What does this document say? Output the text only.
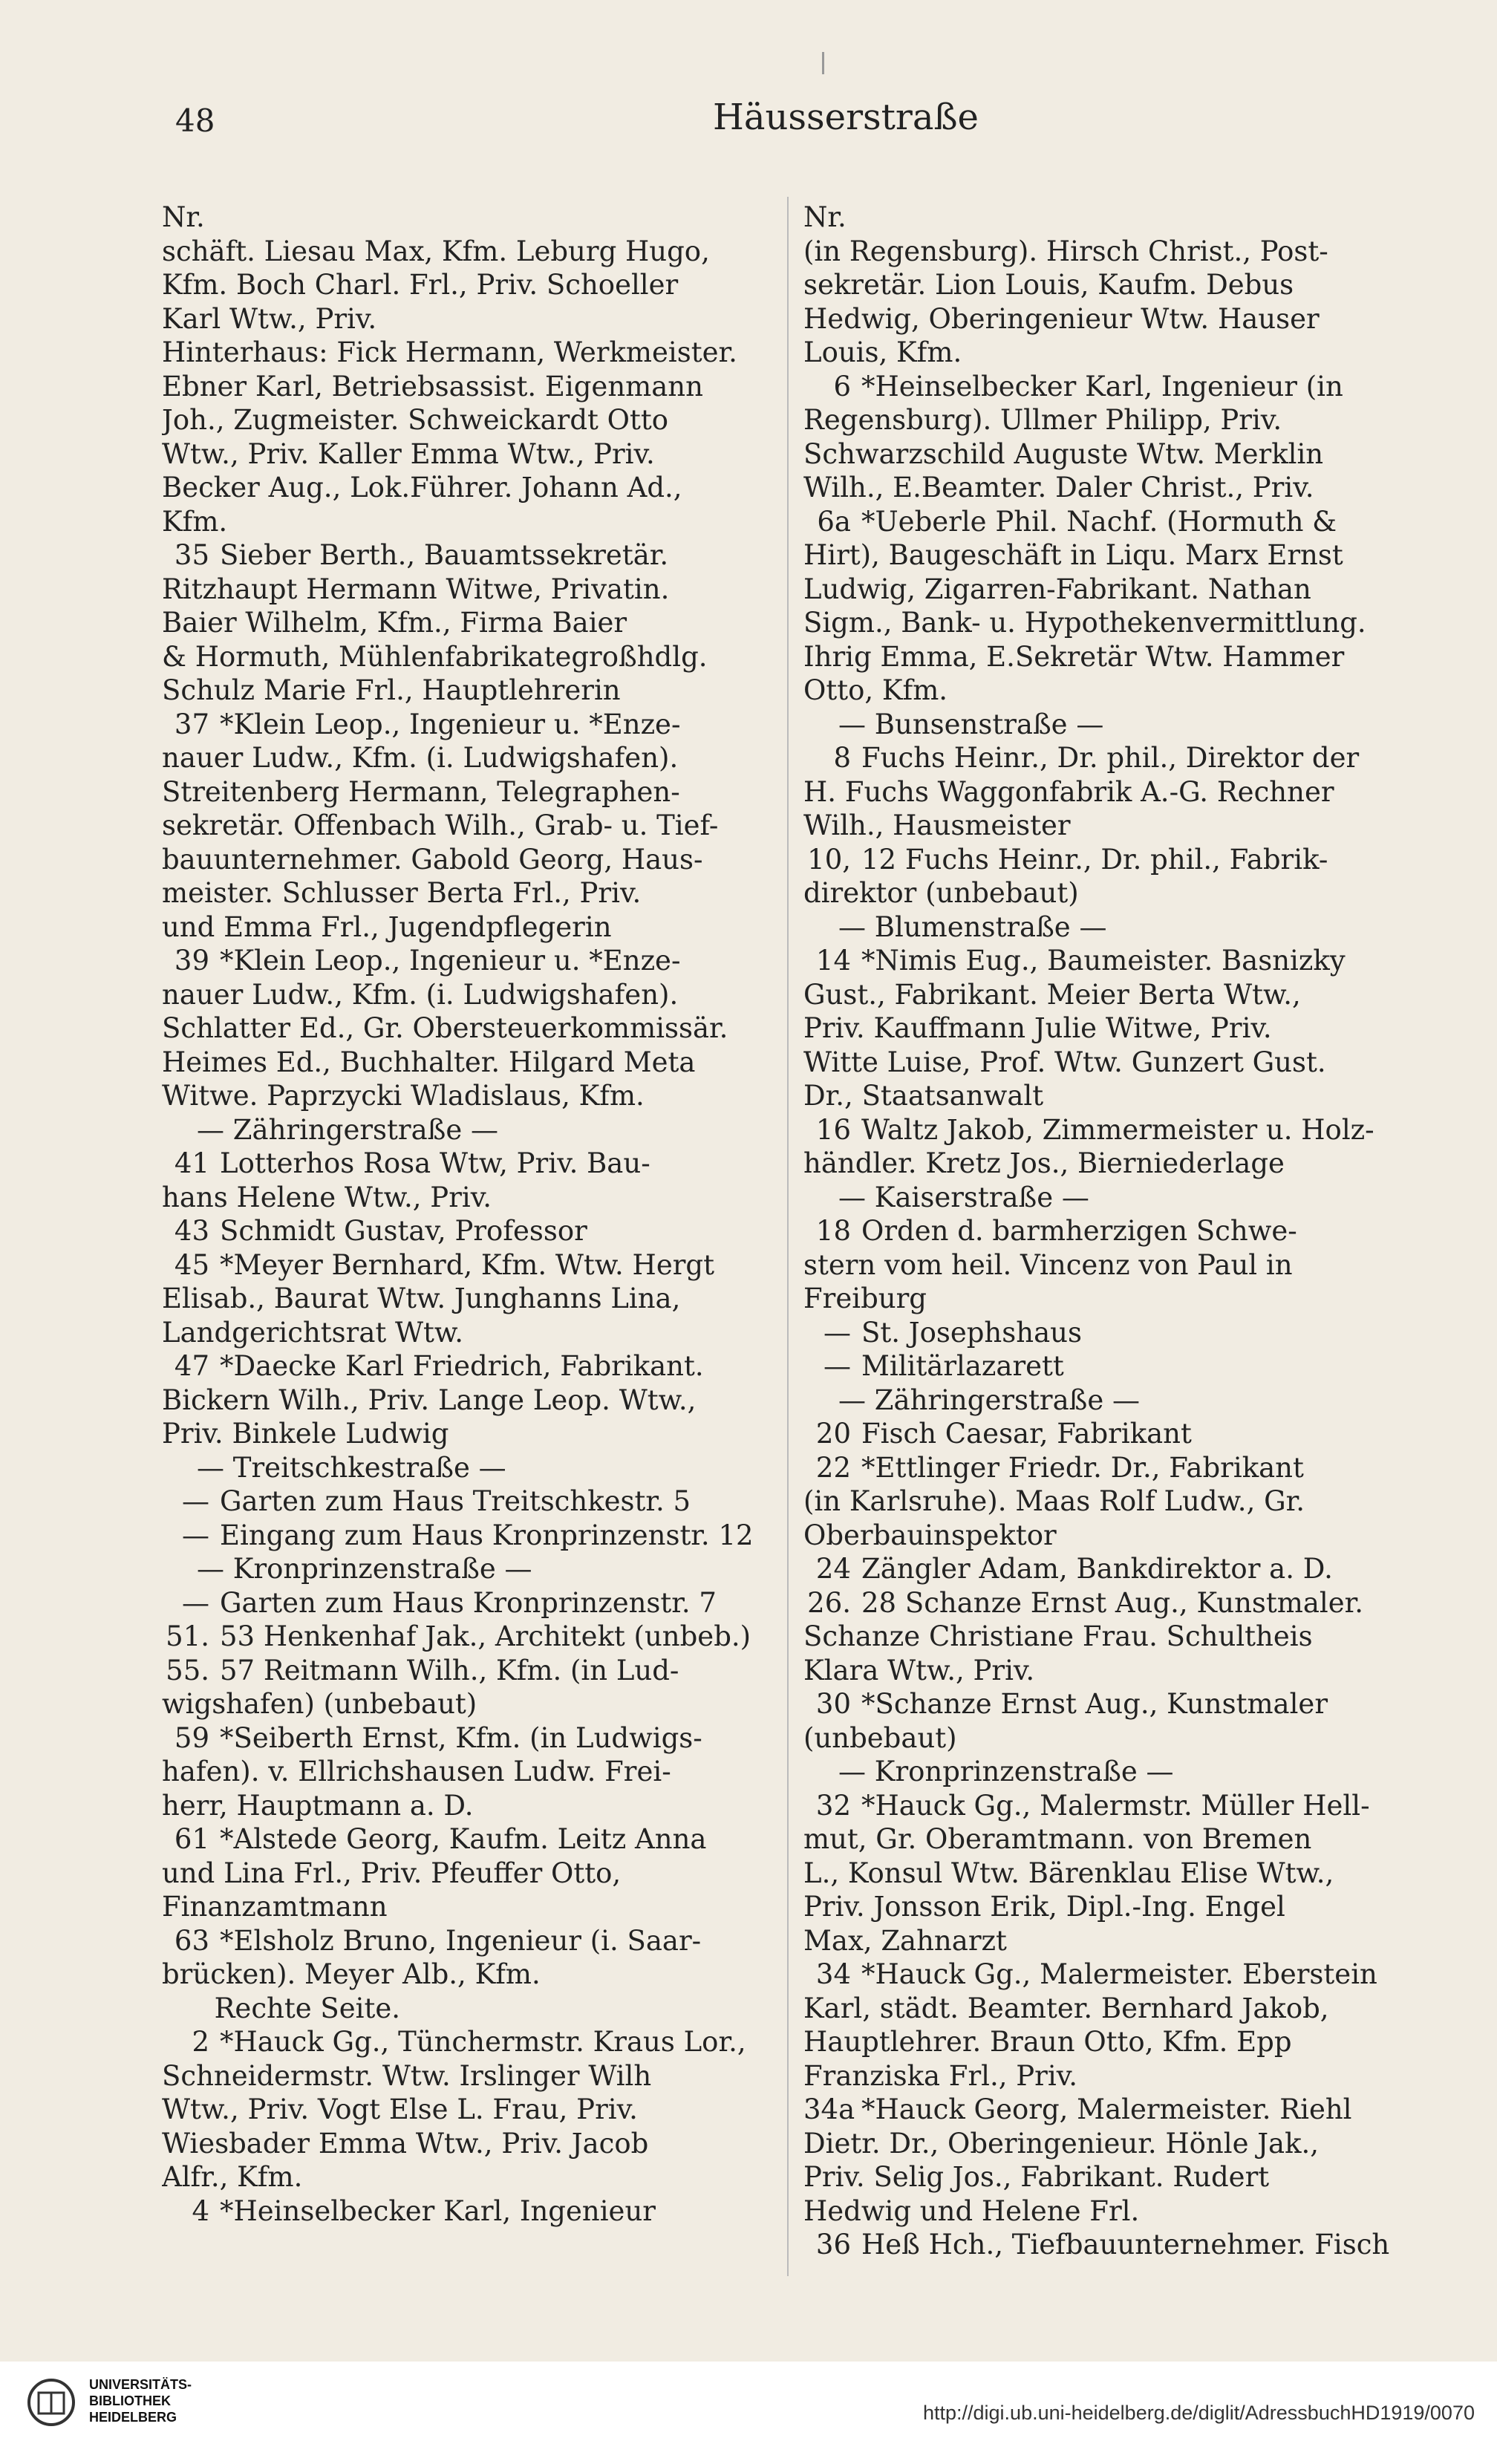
48	Häusserstraße
Nr.
schäft. Liesau Max, Kfm. Leburg Hugo,
Kfm. Boch Charl. Frl., Priv. Schoeller
Karl Wtw., Priv.
Hinterhaus: Fick Hermann, Werkmeister.
Ebner Karl, Betriebsassist. Eigenmann
Joh., Zugmeister. Schweickardt Otto
Wtw., Priv. Kaller Emma Wtw., Priv.
Becker Aug., Lok.Führer. Johann Ad.,
Kfm.
35 Sieber Berth., Bauamtssekretär.
Ritzhaupt Hermann Witwe, Privatin.
Baier Wilhelm, Kfm., Firma Baier
& Hormuth, Mühlenfabrikategroßhdlg.
Schulz Marie Frl., Hauptlehrerin
37 *Klein Leop., Ingenieur u. *Enze-
nauer Ludw., Kfm. (i. Ludwigshafen).
Streitenberg Hermann, Telegraphen-
sekretär. Offenbach Wilh., Grab- u. Tief-
bauunternehmer. Gabold Georg, Haus-
meister. Schlusser Berta Frl., Priv.
und Emma Frl., Jugendpflegerin
39 *Klein Leop., Ingenieur u. *Enze-
nauer Ludw., Kfm. (i. Ludwigshafen).
Schlatter Ed., Gr. Obersteuerkommissär.
Heimes Ed., Buchhalter. Hilgard Meta
Witwe. Paprzycki Wladislaus, Kfm.
— Zähringerstraße —
41 Lotterhos Rosa Wtw, Priv. Bau-
hans Helene Wtw., Priv.
43 Schmidt Gustav, Professor
45 *Meyer Bernhard, Kfm. Wtw. Hergt
Elisab., Baurat Wtw. Junghanns Lina,
Landgerichtsrat Wtw.
47 *Daecke Karl Friedrich, Fabrikant.
Bickern Wilh., Priv. Lange Leop. Wtw.,
Priv. Binkele Ludwig
— Treitschkestraße —
— Garten zum Haus Treitschkestr. 5
— Eingang zum Haus Kronprinzenstr. 12
— Kronprinzenstraße —
— Garten zum Haus Kronprinzenstr. 7
51. 53 Henkenhaf Jak., Architekt (unbeb.)
55. 57 Reitmann Wilh., Kfm. (in Lud-
wigshafen) (unbebaut)
59 *Seiberth Ernst, Kfm. (in Ludwigs-
hafen). v. Ellrichshausen Ludw. Frei-
herr, Hauptmann a. D.
61 *Alstede Georg, Kaufm. Leitz Anna
und Lina Frl., Priv. Pfeuffer Otto,
Finanzamtmann
63 *Elsholz Bruno, Ingenieur (i. Saar-
brücken). Meyer Alb., Kfm.
Rechte Seite.
2 *Hauck Gg., Tünchermstr. Kraus Lor.,
Schneidermstr. Wtw. Irslinger Wilh
Wtw., Priv. Vogt Else L. Frau, Priv.
Wiesbader Emma Wtw., Priv. Jacob
Alfr., Kfm.
4 *Heinselbecker Karl, Ingenieur
Nr.
(in Regensburg). Hirsch Christ., Post-
sekretär. Lion Louis, Kaufm. Debus
Hedwig, Oberingenieur Wtw. Hauser
Louis, Kfm.
6 *Heinselbecker Karl, Ingenieur (in
Regensburg). Ullmer Philipp, Priv.
Schwarzschild Auguste Wtw. Merklin
Wilh., E.Beamter. Daler Christ., Priv.
6a *Ueberle Phil. Nachf. (Hormuth &
Hirt), Baugeschäft in Liqu. Marx Ernst
Ludwig, Zigarren-Fabrikant. Nathan
Sigm., Bank- u. Hypothekenvermittlung.
Ihrig Emma, E.Sekretär Wtw. Hammer
Otto, Kfm.
— Bunsenstraße —
8 Fuchs Heinr., Dr. phil., Direktor der
H. Fuchs Waggonfabrik A.-G. Rechner
Wilh., Hausmeister
10, 12 Fuchs Heinr., Dr. phil., Fabrik-
direktor (unbebaut)
— Blumenstraße —
14 *Nimis Eug., Baumeister. Basnizky
Gust., Fabrikant. Meier Berta Wtw.,
Priv. Kauffmann Julie Witwe, Priv.
Witte Luise, Prof. Wtw. Gunzert Gust.
Dr., Staatsanwalt
16 Waltz Jakob, Zimmermeister u. Holz-
händler. Kretz Jos., Bierniederlage
— Kaiserstraße —
18 Orden d. barmherzigen Schwe-
stern vom heil. Vincenz von Paul in
Freiburg
— St. Josephshaus
— Militärlazarett
— Zähringerstraße —
20 Fisch Caesar, Fabrikant
22 *Ettlinger Friedr. Dr., Fabrikant
(in Karlsruhe). Maas Rolf Ludw., Gr.
Oberbauinspektor
24 Zängler Adam, Bankdirektor a. D.
26. 28 Schanze Ernst Aug., Kunstmaler.
Schanze Christiane Frau. Schultheis
Klara Wtw., Priv.
30 *Schanze Ernst Aug., Kunstmaler
(unbebaut)
— Kronprinzenstraße —
32 *Hauck Gg., Malermstr. Müller Hell-
mut, Gr. Oberamtmann. von Bremen
L., Konsul Wtw. Bärenklau Elise Wtw.,
Priv. Jonsson Erik, Dipl.-Ing. Engel
Max, Zahnarzt
34 *Hauck Gg., Malermeister. Eberstein
Karl, städt. Beamter. Bernhard Jakob,
Hauptlehrer. Braun Otto, Kfm. Epp
Franziska Frl., Priv.
34a *Hauck Georg, Malermeister. Riehl
Dietr. Dr., Oberingenieur. Hönle Jak.,
Priv. Selig Jos., Fabrikant. Rudert
Hedwig und Helene Frl.
36 Heß Hch., Tiefbauunternehmer. Fisch
UNIVERSITÄTS-
BIBLIOTHEK
HEIDELBERG	http://digi.ub.uni-heidelberg.de/diglit/AdressbuchHD1919/0070
